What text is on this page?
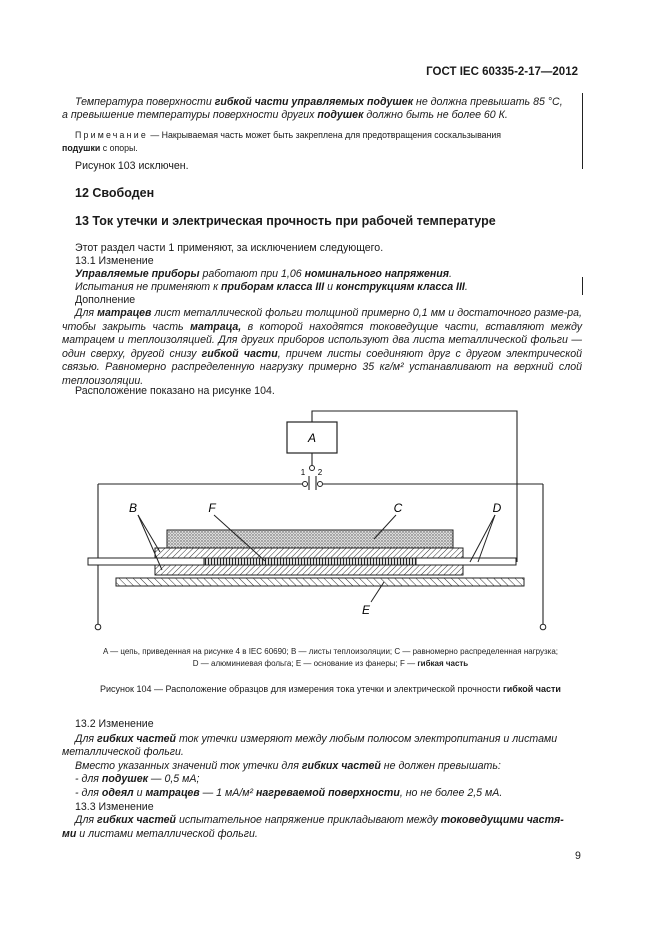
ГОСТ IEC 60335-2-17—2012
Температура поверхности гибкой части управляемых подушек не должна превышать 85 °С,
а превышение температуры поверхности других подушек должно быть не более 60 К.
Примечание — Накрываемая часть может быть закреплена для предотвращения соскальзывания
подушки с опоры.
Рисунок 103 исключен.
12 Свободен
13 Ток утечки и электрическая прочность при рабочей температуре
Этот раздел части 1 применяют, за исключением следующего.
13.1 Изменение
Управляемые приборы работают при 1,06 номинального напряжения.
Испытания не применяют к приборам класса III и конструкциям класса III.
Дополнение
Для матрацев лист металлической фольги толщиной примерно 0,1 мм и достаточного разме-ра, чтобы закрыть часть матраца, в которой находятся токоведущие части, вставляют между матрацем и теплоизоляцией. Для других приборов используют два листа металлической фольги — один сверху, другой снизу гибкой части, причем листы соединяют друг с другом электрической связью. Равномерно распределенную нагрузку примерно 35 кг/м² устанавливают на верхний слой теплоизоляции.
Расположение показано на рисунке 104.
A
1 2
B	F	C	D
E
A — цепь, приведенная на рисунке 4 в IEC 60690; B — листы теплоизоляции; C — равномерно распределенная нагрузка;
D — алюминиевая фольга; E — основание из фанеры; F — гибкая часть
Рисунок 104 — Расположение образцов для измерения тока утечки и электрической прочности гибкой части
13.2 Изменение
Для гибких частей ток утечки измеряют между любым полюсом электропитания и листами
металлической фольги.
Вместо указанных значений ток утечки для гибких частей не должен превышать:
- для подушек — 0,5 мА;
- для одеял и матрацев — 1 мА/м² нагреваемой поверхности, но не более 2,5 мА.
13.3 Изменение
Для гибких частей испытательное напряжение прикладывают между токоведущими частя-
ми и листами металлической фольги.
9
